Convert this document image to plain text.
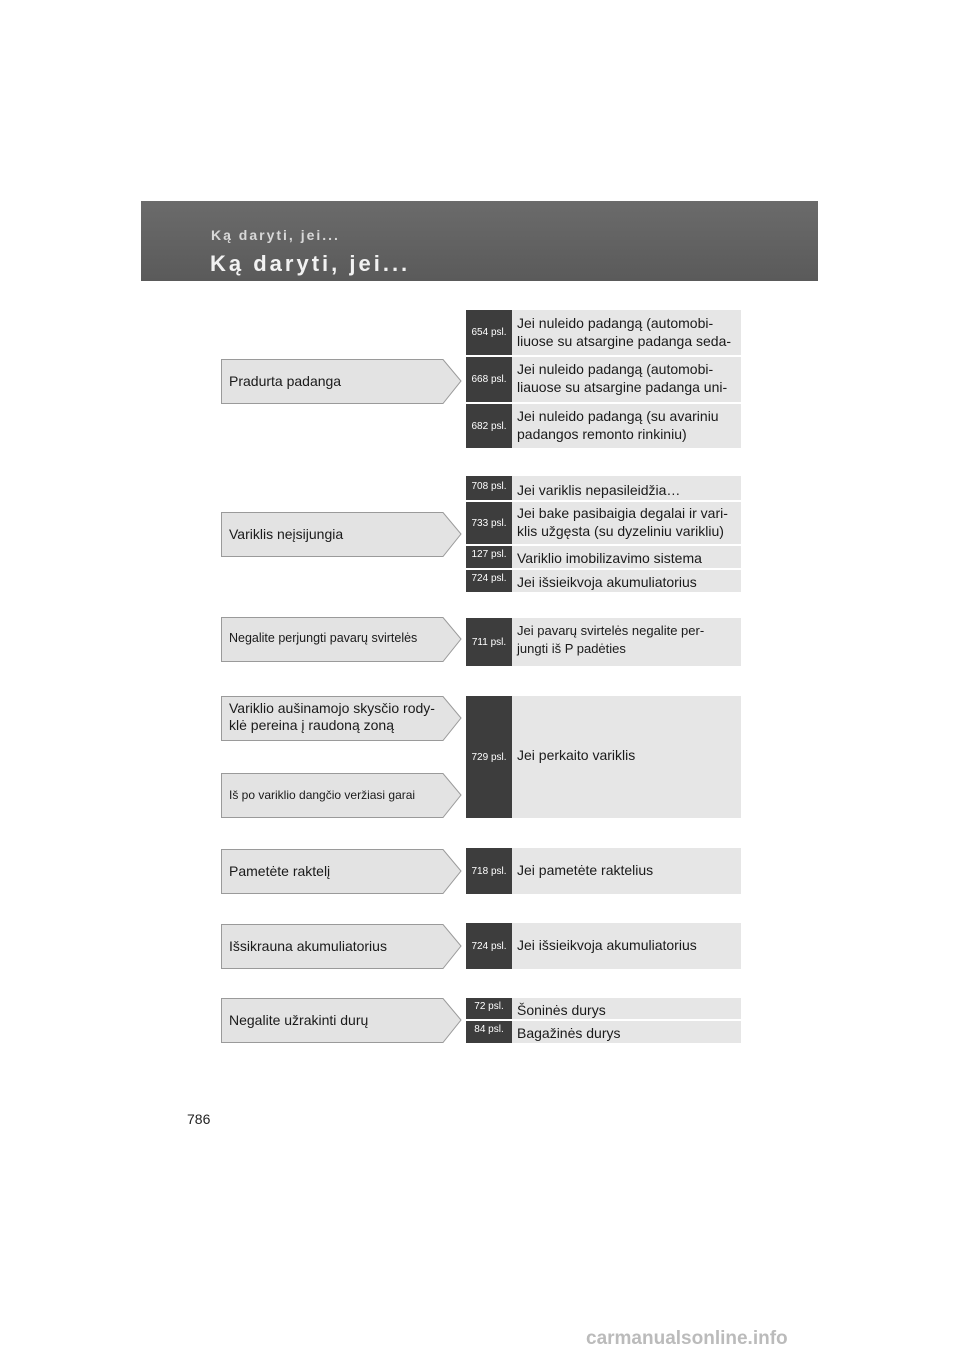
Ką daryti, jei...
Ką daryti, jei...
Pradurta padanga
Variklis neįsijungia
Negalite perjungti pavarų svirtelės
Variklio aušinamojo skysčio rody-
klė pereina į raudoną zoną
Iš po variklio dangčio veržiasi garai
Pametėte raktelį
Išsikrauna akumuliatorius
Negalite užrakinti durų
654 psl.
Jei nuleido padangą (automobi-
liuose su atsargine padanga seda-
668 psl.
Jei nuleido padangą (automobi-
liauose su atsargine padanga uni-
682 psl.
Jei nuleido padangą (su avariniu
padangos remonto rinkiniu)
708 psl. Jei variklis nepasileidžia…
733 psl.
Jei bake pasibaigia degalai ir vari-
klis užgęsta (su dyzeliniu varikliu)
127 psl. Variklio imobilizavimo sistema
724 psl. Jei išsieikvoja akumuliatorius
711 psl.
Jei pavarų svirtelės negalite per-
jungti iš P padėties
729 psl. Jei perkaito variklis
718 psl. Jei pametėte raktelius
724 psl. Jei išsieikvoja akumuliatorius
72 psl. Šoninės durys
84 psl. Bagažinės durys
786
carmanualsonline.info
